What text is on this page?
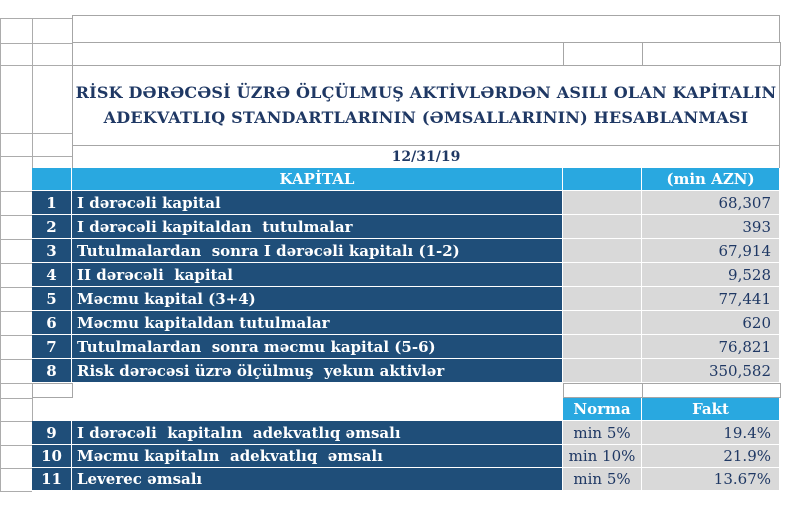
RİSK DƏRƏCƏSİ ÜZRƏ ÖLÇÜLMUŞ AKTİVLƏRDƏN ASILI OLAN KAPİTALIN
ADEKVATLIQ STANDARTLARININ (ƏMSALLARININ) HESABLANMASI
12/31/19
KAPİTAL	(min AZN)
1 I dərəcəli kapital	68,307
2 I dərəcəli kapitaldan  tutulmalar	393
3 Tutulmalardan  sonra I dərəcəli kapitalı (1-2)	67,914
4 II dərəcəli  kapital	9,528
5 Məcmu kapital (3+4)	77,441
6 Məcmu kapitaldan tutulmalar	620
7 Tutulmalardan  sonra məcmu kapital (5-6)	76,821
8 Risk dərəcəsi üzrə ölçülmuş  yekun aktivlər	350,582
Norma	Fakt
9 I dərəcəli  kapitalın  adekvatlıq əmsalı	min 5%	19.4%
10 Məcmu kapitalın  adekvatlıq  əmsalı	min 10%	21.9%
11 Leverec əmsalı	min 5%	13.67%
